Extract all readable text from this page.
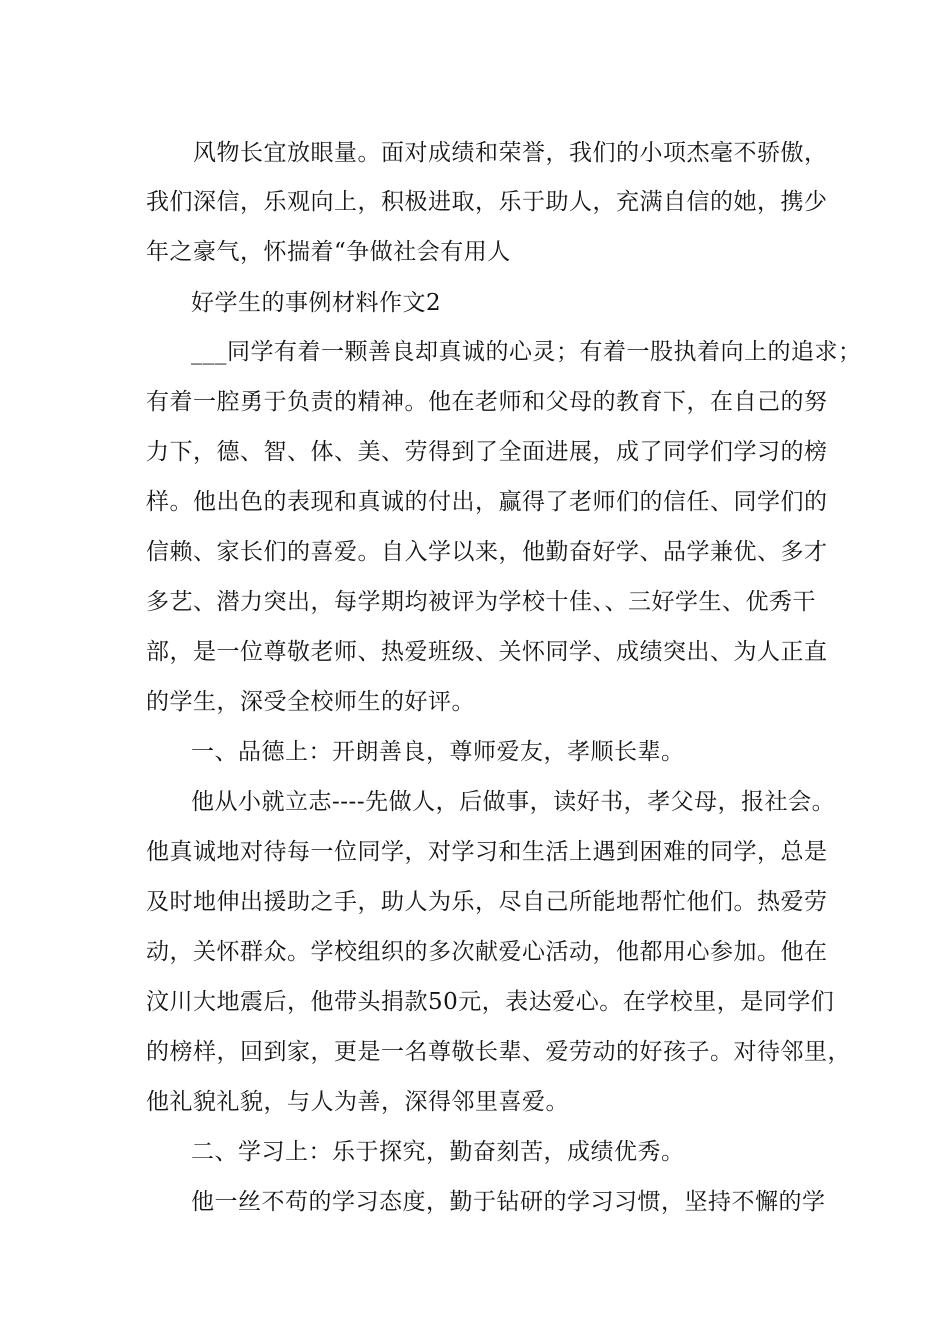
风物长宜放眼量。面对成绩和荣誉，我们的小项杰毫不骄傲，
我们深信，乐观向上，积极进取，乐于助人，充满自信的她，携少
年之豪气，怀揣着“争做社会有用人
好学生的事例材料作文2
___同学有着一颗善良却真诚的心灵；有着一股执着向上的追求；
有着一腔勇于负责的精神。他在老师和父母的教育下，在自己的努
力下，德、智、体、美、劳得到了全面进展，成了同学们学习的榜
样。他出色的表现和真诚的付出，赢得了老师们的信任、同学们的
信赖、家长们的喜爱。自入学以来，他勤奋好学、品学兼优、多才
多艺、潜力突出，每学期均被评为学校十佳、、三好学生、优秀干
部，是一位尊敬老师、热爱班级、关怀同学、成绩突出、为人正直
的学生，深受全校师生的好评。
一、品德上：开朗善良，尊师爱友，孝顺长辈。
他从小就立志----先做人，后做事，读好书，孝父母，报社会。
他真诚地对待每一位同学，对学习和生活上遇到困难的同学，总是
及时地伸出援助之手，助人为乐，尽自己所能地帮忙他们。热爱劳
动，关怀群众。学校组织的多次献爱心活动，他都用心参加。他在
汶川大地震后，他带头捐款50元，表达爱心。在学校里，是同学们
的榜样，回到家，更是一名尊敬长辈、爱劳动的好孩子。对待邻里，
他礼貌礼貌，与人为善，深得邻里喜爱。
二、学习上：乐于探究，勤奋刻苦，成绩优秀。
他一丝不苟的学习态度，勤于钻研的学习习惯，坚持不懈的学
